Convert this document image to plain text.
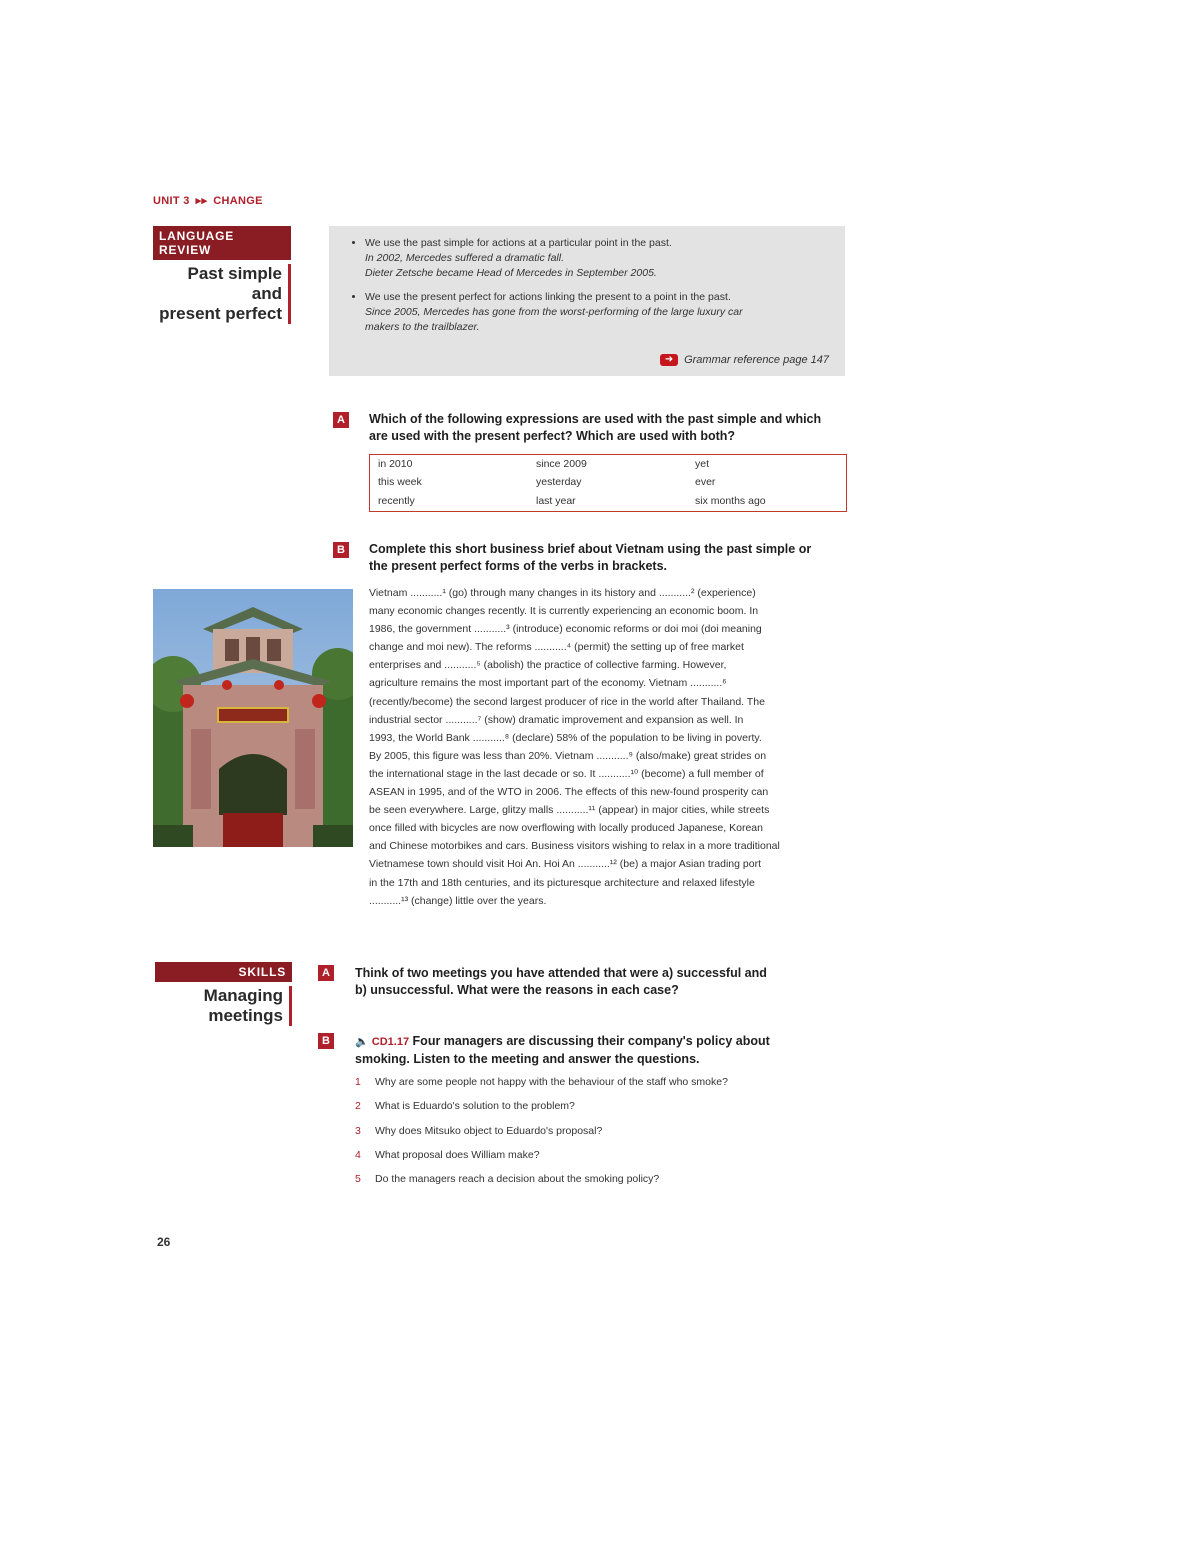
UNIT 3 ▸▸ CHANGE
LANGUAGE REVIEW
Past simple and
present perfect
• We use the past simple for actions at a particular point in the past.
In 2002, Mercedes suffered a dramatic fall.
Dieter Zetsche became Head of Mercedes in September 2005.
• We use the present perfect for actions linking the present to a point in the past.
Since 2005, Mercedes has gone from the worst-performing of the large luxury car
makers to the trailblazer.
➜ Grammar reference page 147
A	Which of the following expressions are used with the past simple and which
are used with the present perfect? Which are used with both?
in 2010	since 2009	yet
this week	yesterday	ever
recently	last year	six months ago
B	Complete this short business brief about Vietnam using the past simple or
the present perfect forms of the verbs in brackets.
Vietnam ...........¹ (go) through many changes in its history and ...........² (experience)
many economic changes recently. It is currently experiencing an economic boom. In
1986, the government ...........³ (introduce) economic reforms or doi moi (doi meaning
change and moi new). The reforms ...........⁴ (permit) the setting up of free market
enterprises and ...........⁵ (abolish) the practice of collective farming. However,
agriculture remains the most important part of the economy. Vietnam ...........⁶
(recently/become) the second largest producer of rice in the world after Thailand. The
industrial sector ...........⁷ (show) dramatic improvement and expansion as well. In
1993, the World Bank ...........⁸ (declare) 58% of the population to be living in poverty.
By 2005, this figure was less than 20%. Vietnam ...........⁹ (also/make) great strides on
the international stage in the last decade or so. It ...........¹⁰ (become) a full member of
ASEAN in 1995, and of the WTO in 2006. The effects of this new-found prosperity can
be seen everywhere. Large, glitzy malls ...........¹¹ (appear) in major cities, while streets
once filled with bicycles are now overflowing with locally produced Japanese, Korean
and Chinese motorbikes and cars. Business visitors wishing to relax in a more traditional
Vietnamese town should visit Hoi An. Hoi An ...........¹² (be) a major Asian trading port
in the 17th and 18th centuries, and its picturesque architecture and relaxed lifestyle
...........¹³ (change) little over the years.
SKILLS
Managing
meetings
A	Think of two meetings you have attended that were a) successful and
b) unsuccessful. What were the reasons in each case?
B	🔈 CD1.17 Four managers are discussing their company's policy about
smoking. Listen to the meeting and answer the questions.
1 Why are some people not happy with the behaviour of the staff who smoke?
2 What is Eduardo's solution to the problem?
3 Why does Mitsuko object to Eduardo's proposal?
4 What proposal does William make?
5 Do the managers reach a decision about the smoking policy?
26
